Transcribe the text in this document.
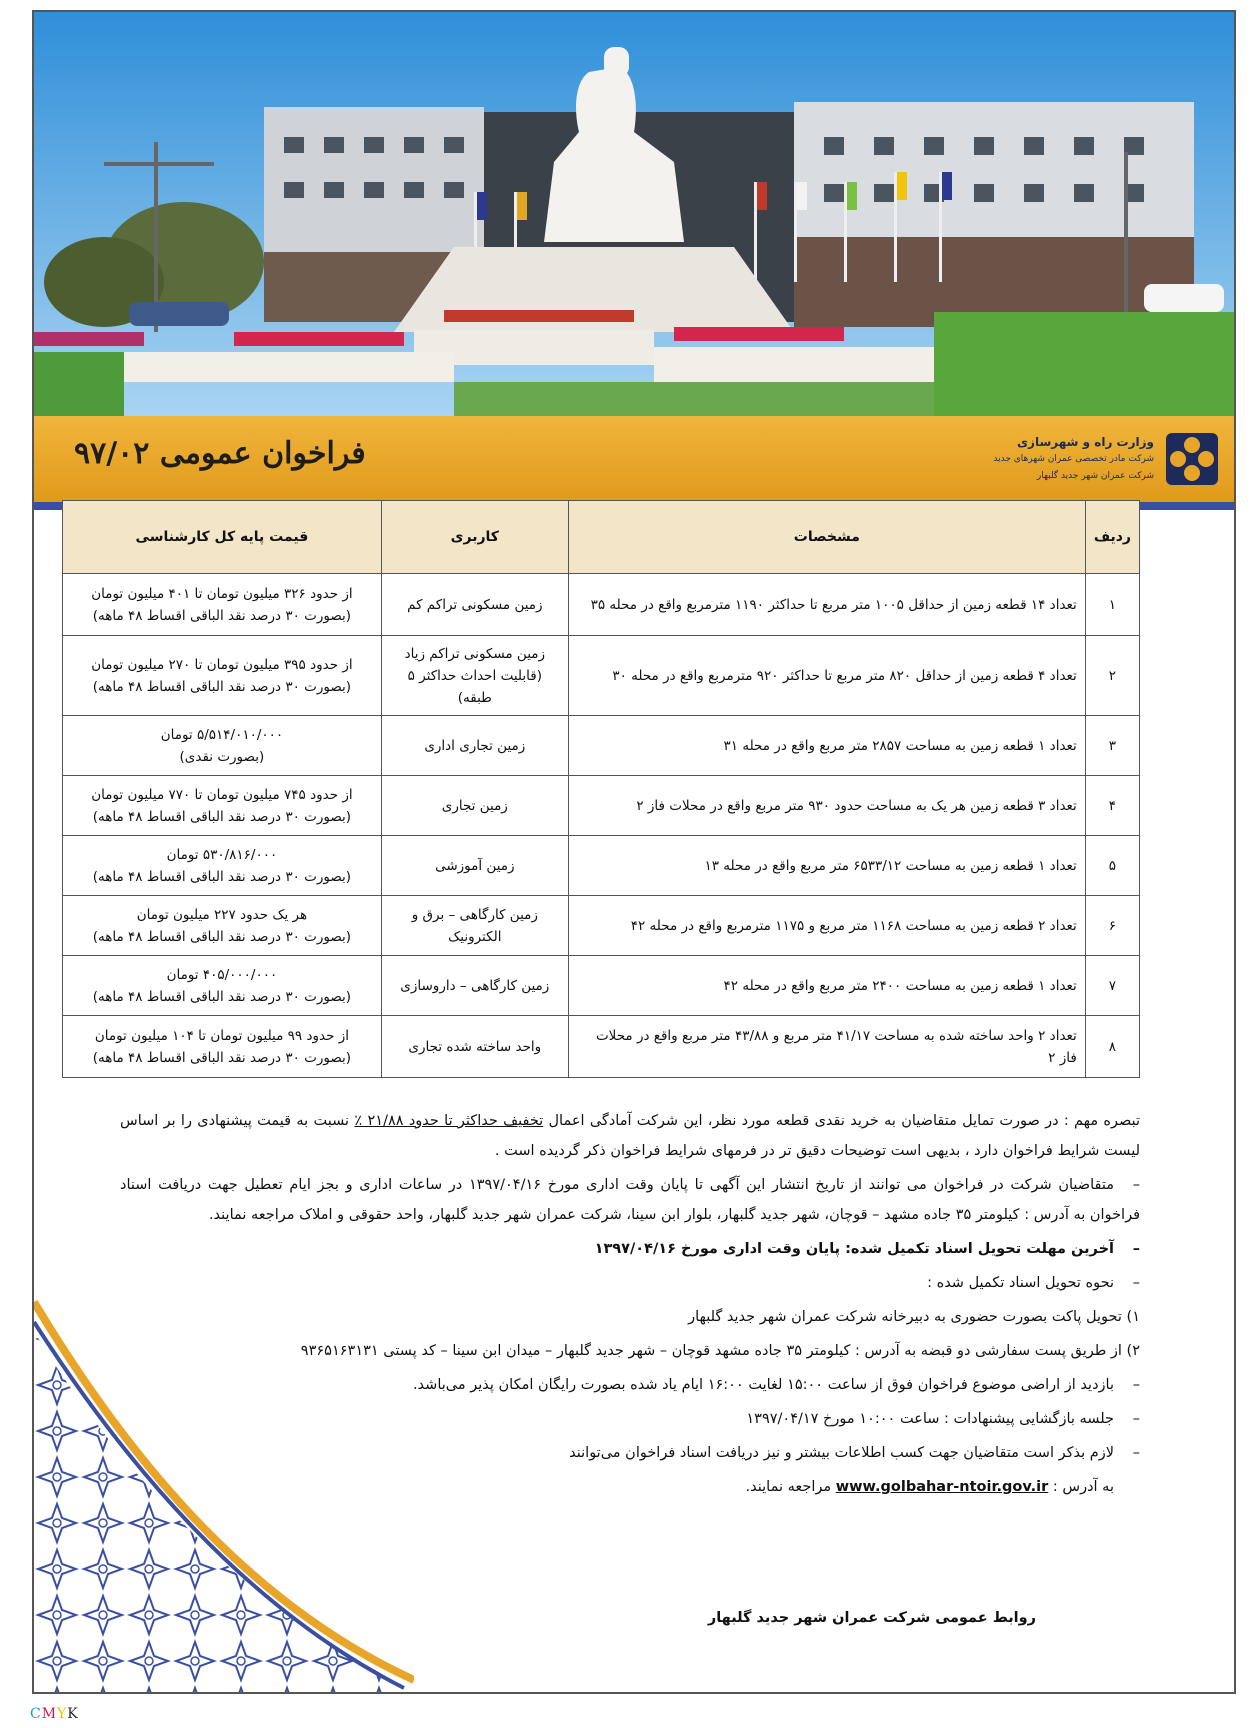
فراخوان عمومی ۹۷/۰۲	وزارت راه و شهرسازی
شرکت مادر تخصصی عمران شهرهای جدید
شرکت عمران شهر جدید گلبهار
ردیف	مشخصات	کاربری	قیمت پایه کل کارشناسی
۱	تعداد ۱۴ قطعه زمین از حداقل ۱۰۰۵ متر مربع تا حداکثر ۱۱۹۰ مترمربع واقع در محله ۳۵	زمین مسکونی تراکم کم	از حدود ۳۲۶ میلیون تومان تا ۴۰۱ میلیون تومان
(بصورت ۳۰ درصد نقد الباقی اقساط ۴۸ ماهه)

۲	تعداد ۴ قطعه زمین از حداقل ۸۲۰ متر مربع تا حداکثر ۹۲۰ مترمربع واقع در محله ۳۰	زمین مسکونی تراکم زیاد (قابلیت احداث حداکثر ۵ طبقه)	از حدود ۳۹۵ میلیون تومان تا ۲۷۰ میلیون تومان
(بصورت ۳۰ درصد نقد الباقی اقساط ۴۸ ماهه)

۳	تعداد ۱ قطعه زمین به مساحت ۲۸۵۷ متر مربع واقع در محله ۳۱	زمین تجاری اداری	۵/۵۱۴/۰۱۰/۰۰۰ تومان
(بصورت نقدی)

۴	تعداد ۳ قطعه زمین هر یک به مساحت حدود ۹۳۰ متر مربع واقع در محلات فاز ۲	زمین تجاری	از حدود ۷۴۵ میلیون تومان تا ۷۷۰ میلیون تومان
(بصورت ۳۰ درصد نقد الباقی اقساط ۴۸ ماهه)

۵	تعداد ۱ قطعه زمین به مساحت ۶۵۳۳/۱۲ متر مربع واقع در محله ۱۳	زمین آموزشی	۵۳۰/۸۱۶/۰۰۰ تومان
(بصورت ۳۰ درصد نقد الباقی اقساط ۴۸ ماهه)

۶	تعداد ۲ قطعه زمین به مساحت ۱۱۶۸ متر مربع و ۱۱۷۵ مترمربع واقع در محله ۴۲	زمین کارگاهی – برق و الکترونیک	هر یک حدود ۲۲۷ میلیون تومان
(بصورت ۳۰ درصد نقد الباقی اقساط ۴۸ ماهه)

۷	تعداد ۱ قطعه زمین به مساحت ۲۴۰۰ متر مربع واقع در محله ۴۲	زمین کارگاهی – داروسازی	۴۰۵/۰۰۰/۰۰۰ تومان
(بصورت ۳۰ درصد نقد الباقی اقساط ۴۸ ماهه)

۸	تعداد ۲ واحد ساخته شده به مساحت ۴۱/۱۷ متر مربع و ۴۳/۸۸ متر مربع واقع در محلات فاز ۲	واحد ساخته شده تجاری	از حدود ۹۹ میلیون تومان تا ۱۰۴ میلیون تومان
(بصورت ۳۰ درصد نقد الباقی اقساط ۴۸ ماهه)

تبصره مهم : در صورت تمایل متقاضیان به خرید نقدی قطعه مورد نظر، این شرکت آمادگی اعمال تخفیف حداکثر تا حدود ۲۱/۸۸ ٪ نسبت به قیمت پیشنهادی را بر اساس لیست شرایط فراخوان دارد ، بدیهی است توضیحات دقیق تر در فرمهای شرایط فراخوان ذکر گردیده است .

– متقاضیان شرکت در فراخوان می توانند از تاریخ انتشار این آگهی تا پایان وقت اداری مورخ ۱۳۹۷/۰۴/۱۶ در ساعات اداری و بجز ایام تعطیل جهت دریافت اسناد فراخوان به آدرس : کیلومتر ۳۵ جاده مشهد – قوچان، شهر جدید گلبهار، بلوار ابن سینا، شرکت عمران شهر جدید گلبهار، واحد حقوقی و املاک مراجعه نمایند.

– آخرین مهلت تحویل اسناد تکمیل شده: پایان وقت اداری مورخ ۱۳۹۷/۰۴/۱۶

– نحوه تحویل اسناد تکمیل شده :

۱) تحویل پاکت بصورت حضوری به دبیرخانه شرکت عمران شهر جدید گلبهار

۲) از طریق پست سفارشی دو قبضه به آدرس : کیلومتر ۳۵ جاده مشهد قوچان – شهر جدید گلبهار – میدان ابن سینا – کد پستی ۹۳۶۵۱۶۳۱۳۱

– بازدید از اراضی موضوع فراخوان فوق از ساعت ۱۵:۰۰ لغایت ۱۶:۰۰ ایام یاد شده بصورت رایگان امکان پذیر می‌باشد.

– جلسه بازگشایی پیشنهادات : ساعت ۱۰:۰۰ مورخ ۱۳۹۷/۰۴/۱۷

– لازم بذکر است متقاضیان جهت کسب اطلاعات بیشتر و نیز دریافت اسناد فراخوان می‌توانند

به آدرس : www.golbahar-ntoir.gov.ir مراجعه نمایند.

روابط عمومی شرکت عمران شهر جدید گلبهار
CMYK
